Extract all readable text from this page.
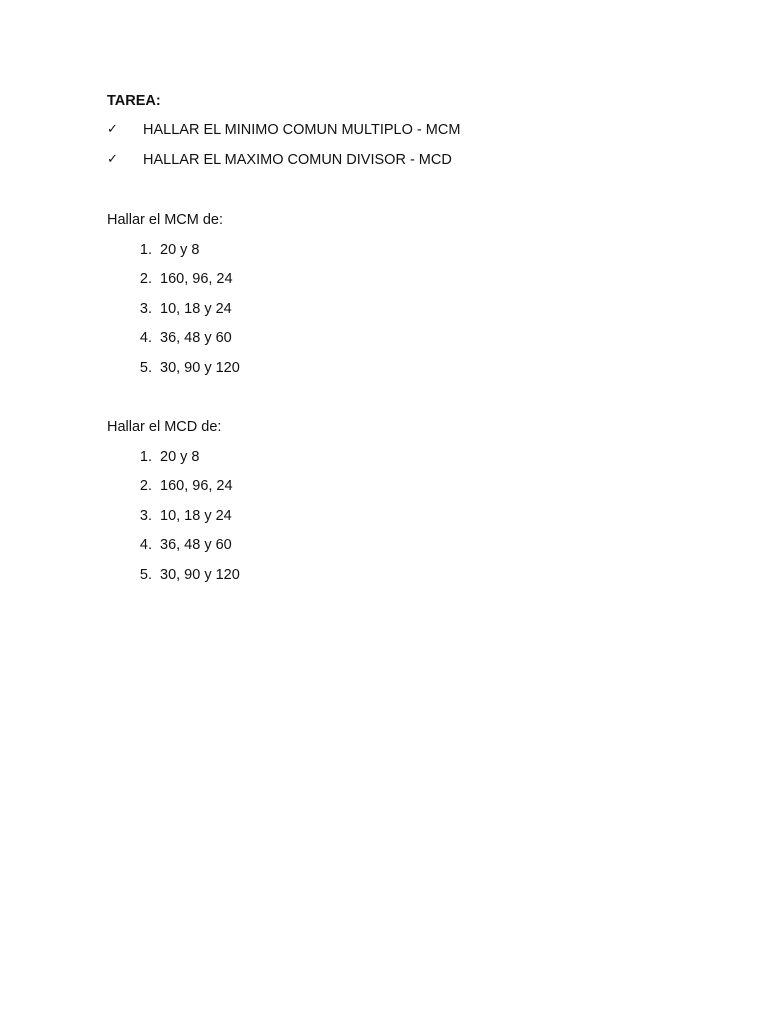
TAREA:
✓	HALLAR EL MINIMO COMUN MULTIPLO - MCM
✓	HALLAR EL MAXIMO COMUN DIVISOR - MCD

Hallar el MCM de:

1. 20 y 8
2. 160, 96, 24
3. 10, 18 y 24
4. 36, 48 y 60
5. 30, 90 y 120

Hallar el MCD de:

1. 20 y 8
2. 160, 96, 24
3. 10, 18 y 24
4. 36, 48 y 60
5. 30, 90 y 120
